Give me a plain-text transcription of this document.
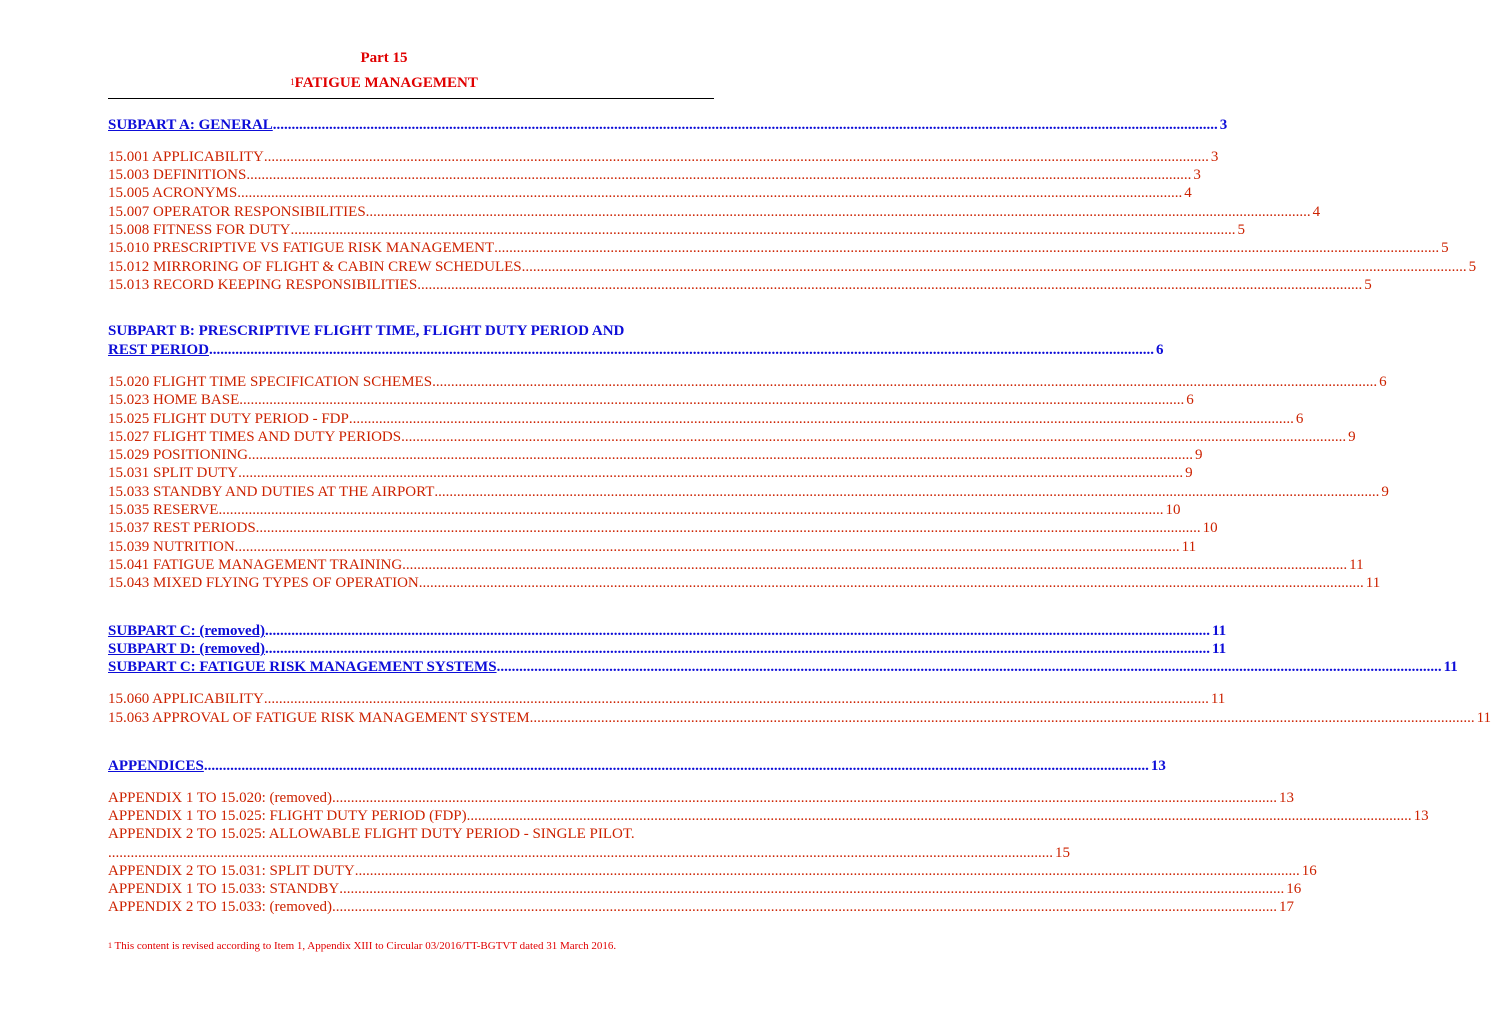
Part 15
$^1$FATIGUE MANAGEMENT
SUBPART A: GENERAL ............................................................................................................................................................................................................................................................ 3
15.001 APPLICABILITY ............................................................................................................................................................................................................................................................ 3
15.003 DEFINITIONS ............................................................................................................................................................................................................................................................ 3
15.005 ACRONYMS ............................................................................................................................................................................................................................................................ 4
15.007 OPERATOR RESPONSIBILITIES ............................................................................................................................................................................................................................................................ 4
15.008 FITNESS FOR DUTY ............................................................................................................................................................................................................................................................ 5
15.010 PRESCRIPTIVE VS FATIGUE RISK MANAGEMENT ............................................................................................................................................................................................................................................................ 5
15.012 MIRRORING OF FLIGHT & CABIN CREW SCHEDULES ............................................................................................................................................................................................................................................................ 5
15.013 RECORD KEEPING RESPONSIBILITIES ............................................................................................................................................................................................................................................................ 5
SUBPART B: PRESCRIPTIVE FLIGHT TIME, FLIGHT DUTY PERIOD AND
REST PERIOD ............................................................................................................................................................................................................................................................ 6
15.020 FLIGHT TIME SPECIFICATION SCHEMES ............................................................................................................................................................................................................................................................ 6
15.023 HOME BASE ............................................................................................................................................................................................................................................................ 6
15.025 FLIGHT DUTY PERIOD - FDP ............................................................................................................................................................................................................................................................ 6
15.027 FLIGHT TIMES AND DUTY PERIODS ............................................................................................................................................................................................................................................................ 9
15.029 POSITIONING ............................................................................................................................................................................................................................................................ 9
15.031 SPLIT DUTY ............................................................................................................................................................................................................................................................ 9
15.033 STANDBY AND DUTIES AT THE AIRPORT ............................................................................................................................................................................................................................................................ 9
15.035 RESERVE ............................................................................................................................................................................................................................................................ 10
15.037 REST PERIODS ............................................................................................................................................................................................................................................................ 10
15.039 NUTRITION ............................................................................................................................................................................................................................................................ 11
15.041 FATIGUE MANAGEMENT TRAINING ............................................................................................................................................................................................................................................................ 11
15.043 MIXED FLYING TYPES OF OPERATION ............................................................................................................................................................................................................................................................ 11
SUBPART C: (removed) ............................................................................................................................................................................................................................................................ 11
SUBPART D: (removed) ............................................................................................................................................................................................................................................................ 11
SUBPART C: FATIGUE RISK MANAGEMENT SYSTEMS ............................................................................................................................................................................................................................................................ 11
15.060 APPLICABILITY ............................................................................................................................................................................................................................................................ 11
15.063 APPROVAL OF FATIGUE RISK MANAGEMENT SYSTEM ............................................................................................................................................................................................................................................................ 11
APPENDICES ............................................................................................................................................................................................................................................................ 13
APPENDIX 1 TO 15.020: (removed) ............................................................................................................................................................................................................................................................ 13
APPENDIX 1 TO 15.025: FLIGHT DUTY PERIOD (FDP) ............................................................................................................................................................................................................................................................ 13
APPENDIX 2 TO 15.025: ALLOWABLE FLIGHT DUTY PERIOD - SINGLE PILOT.
............................................................................................................................................................................................................................................................ 15
APPENDIX 2 TO 15.031: SPLIT DUTY ............................................................................................................................................................................................................................................................ 16
APPENDIX 1 TO 15.033: STANDBY ............................................................................................................................................................................................................................................................ 16
APPENDIX 2 TO 15.033: (removed) ............................................................................................................................................................................................................................................................ 17
1 This content is revised according to Item 1, Appendix XIII to Circular 03/2016/TT-BGTVT dated 31 March 2016.
